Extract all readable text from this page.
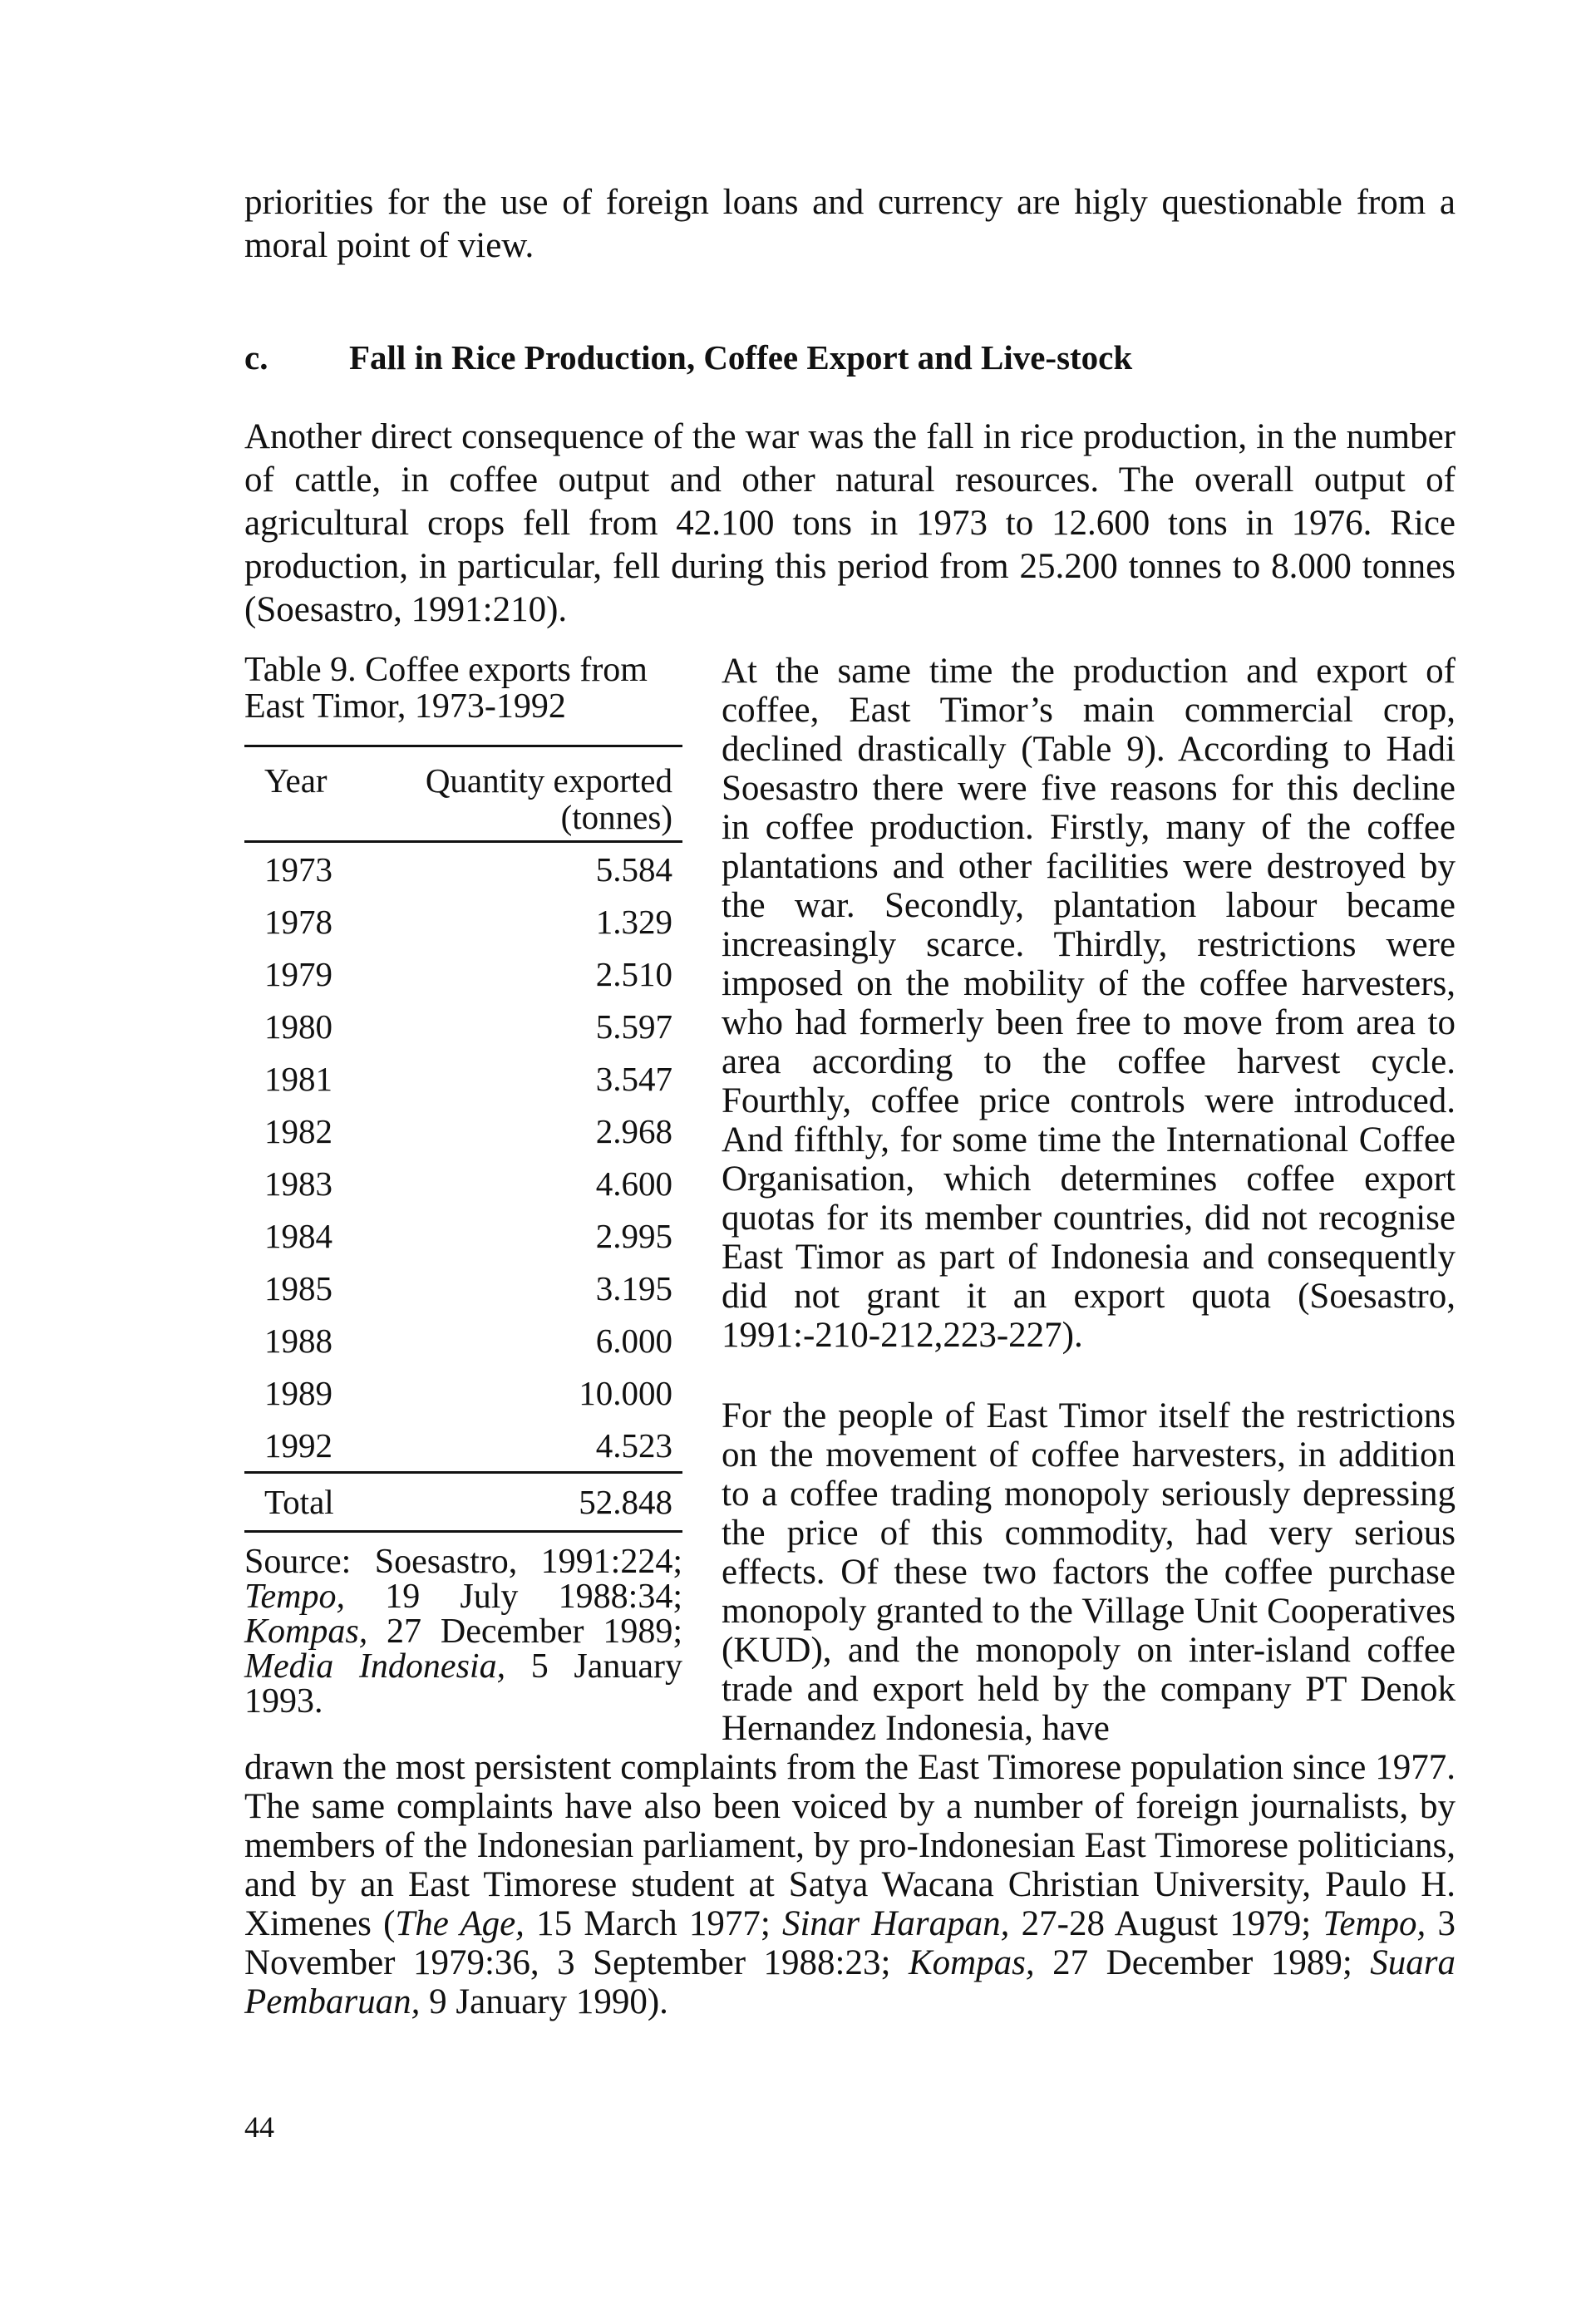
priorities for the use of foreign loans and currency are higly questionable from a moral point of view.

c. Fall in Rice Production, Coffee Export and Live-stock

Another direct consequence of the war was the fall in rice production, in the number of cattle, in coffee output and other natural resources. The overall output of agricultural crops fell from 42.100 tons in 1973 to 12.600 tons in 1976. Rice production, in particular, fell during this period from 25.200 tonnes to 8.000 tonnes (Soesastro, 1991:210).

Table 9. Coffee exports from East Timor, 1973-1992

Year	Quantity exported
(tonnes)
1973	5.584
1978	1.329
1979	2.510
1980	5.597
1981	3.547
1982	2.968
1983	4.600
1984	2.995
1985	3.195
1988	6.000
1989	10.000
1992	4.523
Total	52.848

Source: Soesastro, 1991:224; Tempo, 19 July 1988:34; Kompas, 27 December 1989; Media Indonesia, 5 January 1993.

At the same time the production and export of coffee, East Timor’s main commercial crop, declined drastically (Table 9). According to Hadi Soesastro there were five reasons for this decline in coffee production. Firstly, many of the coffee plantations and other facilities were destroyed by the war. Secondly, plantation labour became increasingly scarce. Thirdly, restrictions were imposed on the mobility of the coffee harvesters, who had formerly been free to move from area to area according to the coffee harvest cycle. Fourthly, coffee price controls were introduced. And fifthly, for some time the International Coffee Organisation, which determines coffee export quotas for its member countries, did not recognise East Timor as part of Indonesia and consequently did not grant it an export quota (Soesastro, 1991:-210-212,223-227).

For the people of East Timor itself the restrictions on the movement of coffee harvesters, in addition to a coffee trading monopoly seriously depressing the price of this commodity, had very serious effects. Of these two factors the coffee purchase monopoly granted to the Village Unit Cooperatives (KUD), and the monopoly on inter-island coffee trade and export held by the company PT Denok Hernandez Indonesia, have

drawn the most persistent complaints from the East Timorese population since 1977. The same complaints have also been voiced by a number of foreign journalists, by members of the Indonesian parliament, by pro-Indonesian East Timorese politicians, and by an East Timorese student at Satya Wacana Christian University, Paulo H. Ximenes (The Age, 15 March 1977; Sinar Harapan, 27-28 August 1979; Tempo, 3 November 1979:36, 3 September 1988:23; Kompas, 27 December 1989; Suara Pembaruan, 9 January 1990).

44
